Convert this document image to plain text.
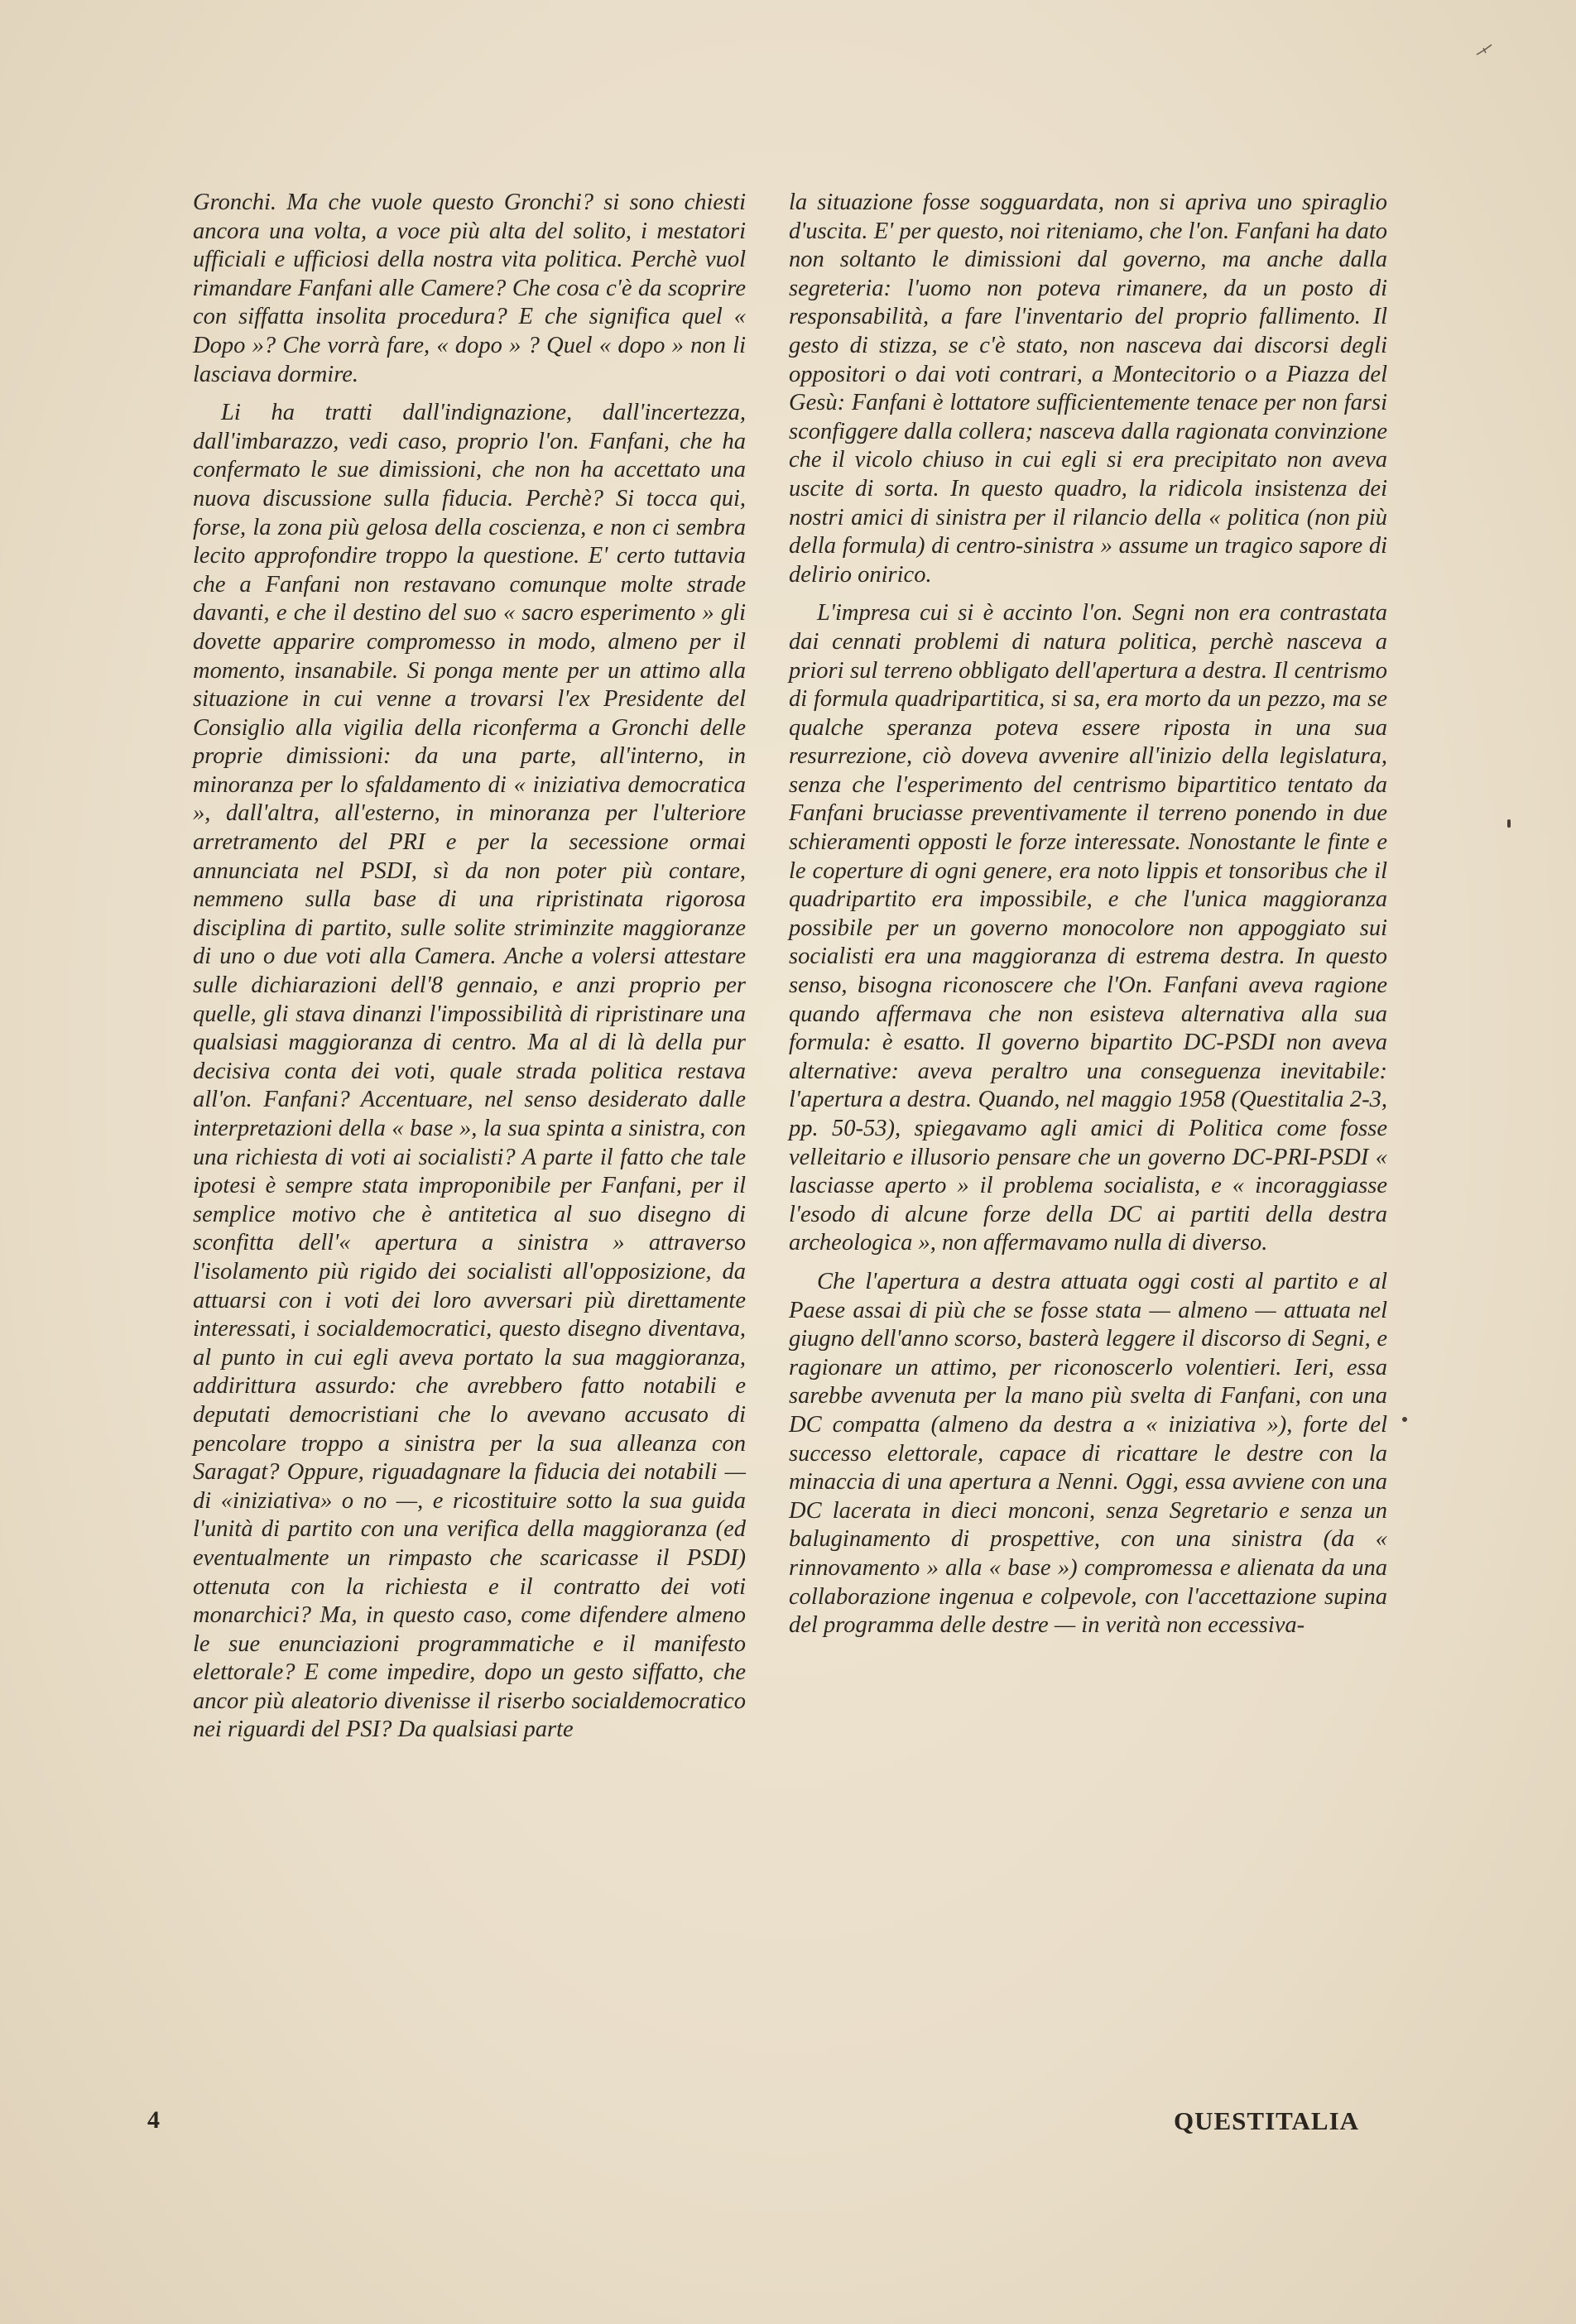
Gronchi. Ma che vuole questo Gronchi? si sono chiesti ancora una volta, a voce più alta del solito, i mestatori ufficiali e ufficiosi della nostra vita politica. Perchè vuol rimandare Fanfani alle Camere? Che cosa c'è da scoprire con siffatta insolita procedura? E che significa quel « Dopo »? Che vorrà fare, « dopo » ? Quel « dopo » non li lasciava dormire.

Li ha tratti dall'indignazione, dall'incertezza, dall'imbarazzo, vedi caso, proprio l'on. Fanfani, che ha confermato le sue dimissioni, che non ha accettato una nuova discussione sulla fiducia. Perchè? Si tocca qui, forse, la zona più gelosa della coscienza, e non ci sembra lecito approfondire troppo la questione. E' certo tuttavia che a Fanfani non restavano comunque molte strade davanti, e che il destino del suo « sacro esperimento » gli dovette apparire compromesso in modo, almeno per il momento, insanabile. Si ponga mente per un attimo alla situazione in cui venne a trovarsi l'ex Presidente del Consiglio alla vigilia della riconferma a Gronchi delle proprie dimissioni: da una parte, all'interno, in minoranza per lo sfaldamento di « iniziativa democratica », dall'altra, all'esterno, in minoranza per l'ulteriore arretramento del PRI e per la secessione ormai annunciata nel PSDI, sì da non poter più contare, nemmeno sulla base di una ripristinata rigorosa disciplina di partito, sulle solite striminzite maggioranze di uno o due voti alla Camera. Anche a volersi attestare sulle dichiarazioni dell'8 gennaio, e anzi proprio per quelle, gli stava dinanzi l'impossibilità di ripristinare una qualsiasi maggioranza di centro. Ma al di là della pur decisiva conta dei voti, quale strada politica restava all'on. Fanfani? Accentuare, nel senso desiderato dalle interpretazioni della « base », la sua spinta a sinistra, con una richiesta di voti ai socialisti? A parte il fatto che tale ipotesi è sempre stata improponibile per Fanfani, per il semplice motivo che è antitetica al suo disegno di sconfitta dell'« apertura a sinistra » attraverso l'isolamento più rigido dei socialisti all'opposizione, da attuarsi con i voti dei loro avversari più direttamente interessati, i socialdemocratici, questo disegno diventava, al punto in cui egli aveva portato la sua maggioranza, addirittura assurdo: che avrebbero fatto notabili e deputati democristiani che lo avevano accusato di pencolare troppo a sinistra per la sua alleanza con Saragat? Oppure, riguadagnare la fiducia dei notabili — di «iniziativa» o no —, e ricostituire sotto la sua guida l'unità di partito con una verifica della maggioranza (ed eventualmente un rimpasto che scaricasse il PSDI) ottenuta con la richiesta e il contratto dei voti monarchici? Ma, in questo caso, come difendere almeno le sue enunciazioni programmatiche e il manifesto elettorale? E come impedire, dopo un gesto siffatto, che ancor più aleatorio divenisse il riserbo socialdemocratico nei riguardi del PSI? Da qualsiasi parte

la situazione fosse sogguardata, non si apriva uno spiraglio d'uscita. E' per questo, noi riteniamo, che l'on. Fanfani ha dato non soltanto le dimissioni dal governo, ma anche dalla segreteria: l'uomo non poteva rimanere, da un posto di responsabilità, a fare l'inventario del proprio fallimento. Il gesto di stizza, se c'è stato, non nasceva dai discorsi degli oppositori o dai voti contrari, a Montecitorio o a Piazza del Gesù: Fanfani è lottatore sufficientemente tenace per non farsi sconfiggere dalla collera; nasceva dalla ragionata convinzione che il vicolo chiuso in cui egli si era precipitato non aveva uscite di sorta. In questo quadro, la ridicola insistenza dei nostri amici di sinistra per il rilancio della « politica (non più della formula) di centro-sinistra » assume un tragico sapore di delirio onirico.

L'impresa cui si è accinto l'on. Segni non era contrastata dai cennati problemi di natura politica, perchè nasceva a priori sul terreno obbligato dell'apertura a destra. Il centrismo di formula quadripartitica, si sa, era morto da un pezzo, ma se qualche speranza poteva essere riposta in una sua resurrezione, ciò doveva avvenire all'inizio della legislatura, senza che l'esperimento del centrismo bipartitico tentato da Fanfani bruciasse preventivamente il terreno ponendo in due schieramenti opposti le forze interessate. Nonostante le finte e le coperture di ogni genere, era noto lippis et tonsoribus che il quadripartito era impossibile, e che l'unica maggioranza possibile per un governo monocolore non appoggiato sui socialisti era una maggioranza di estrema destra. In questo senso, bisogna riconoscere che l'On. Fanfani aveva ragione quando affermava che non esisteva alternativa alla sua formula: è esatto. Il governo bipartito DC-PSDI non aveva alternative: aveva peraltro una conseguenza inevitabile: l'apertura a destra. Quando, nel maggio 1958 (Questitalia 2-3, pp. 50-53), spiegavamo agli amici di Politica come fosse velleitario e illusorio pensare che un governo DC-PRI-PSDI « lasciasse aperto » il problema socialista, e « incoraggiasse l'esodo di alcune forze della DC ai partiti della destra archeologica », non affermavamo nulla di diverso.

Che l'apertura a destra attuata oggi costi al partito e al Paese assai di più che se fosse stata — almeno — attuata nel giugno dell'anno scorso, basterà leggere il discorso di Segni, e ragionare un attimo, per riconoscerlo volentieri. Ieri, essa sarebbe avvenuta per la mano più svelta di Fanfani, con una DC compatta (almeno da destra a « iniziativa »), forte del successo elettorale, capace di ricattare le destre con la minaccia di una apertura a Nenni. Oggi, essa avviene con una DC lacerata in dieci monconi, senza Segretario e senza un baluginamento di prospettive, con una sinistra (da « rinnovamento » alla « base ») compromessa e alienata da una collaborazione ingenua e colpevole, con l'accettazione supina del programma delle destre — in verità non eccessiva-

4	QUESTITALIA
